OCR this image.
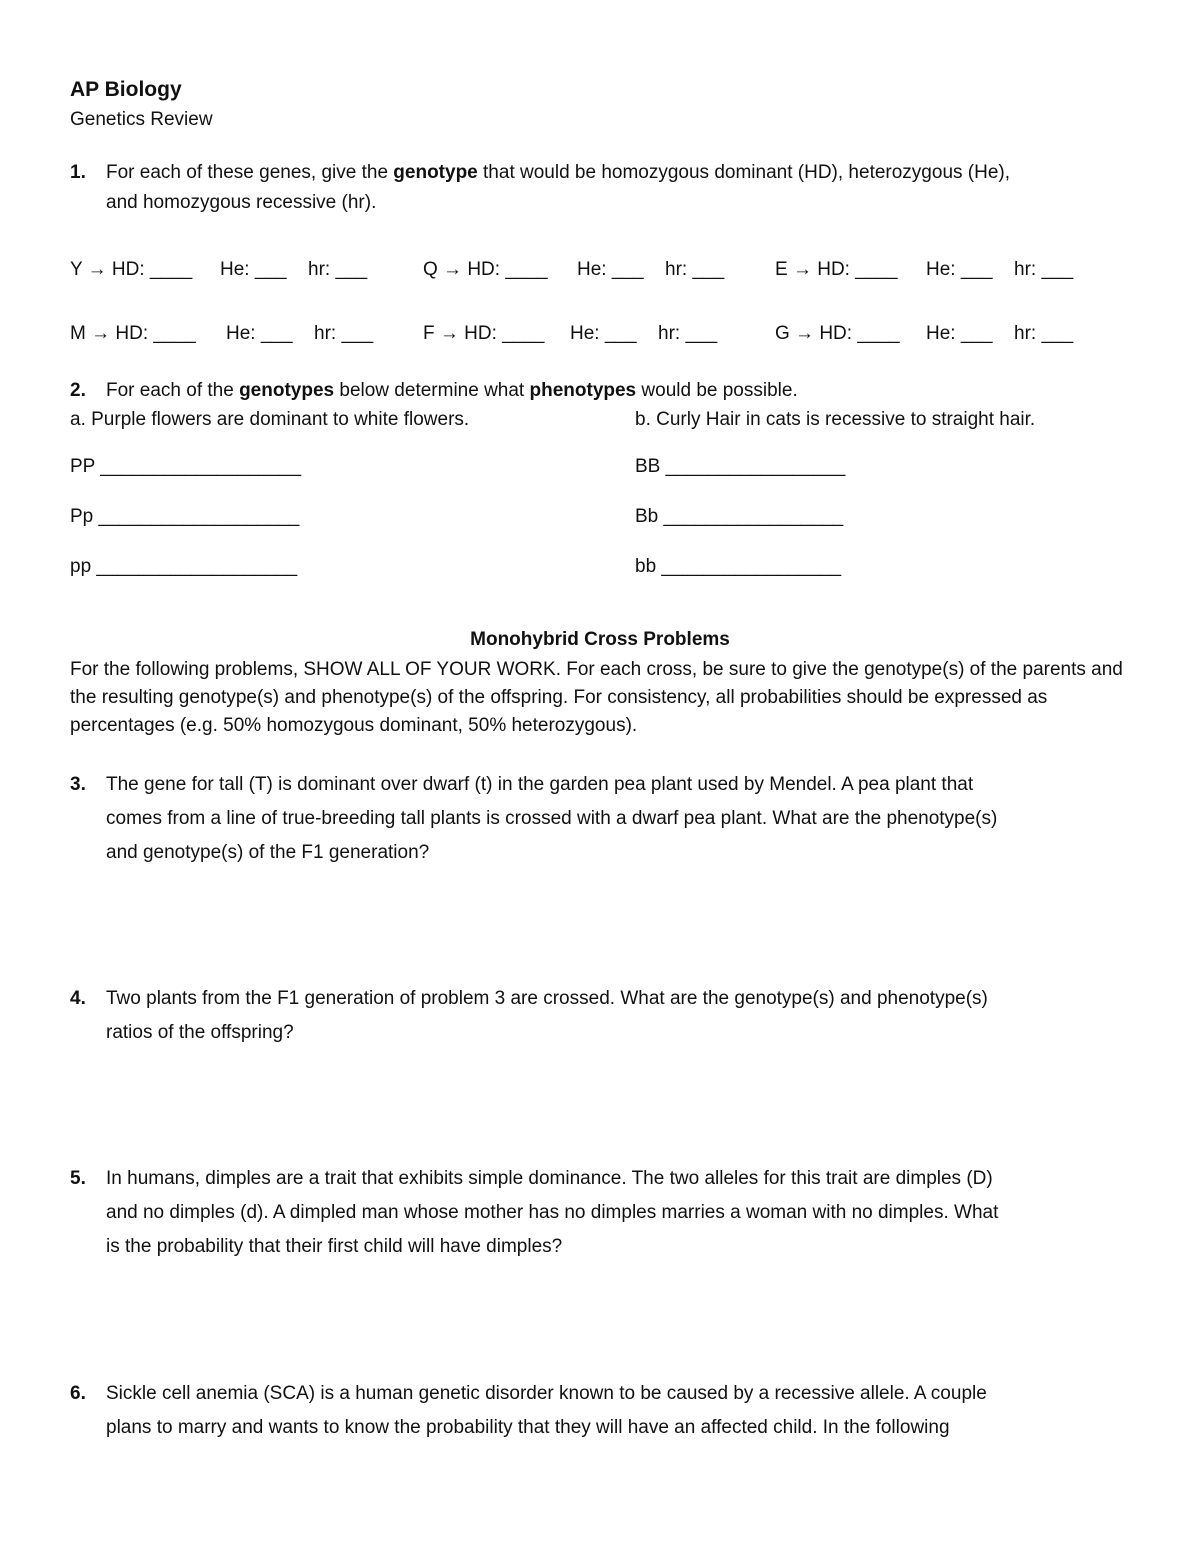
AP Biology
Genetics Review
1. For each of these genes, give the genotype that would be homozygous dominant (HD), heterozygous (He),
and homozygous recessive (hr).
Y → HD: ____ He: ___ hr: ___	Q → HD: ____ He: ___ hr: ___	E → HD: ____ He: ___ hr: ___
M → HD: ____ He: ___ hr: ___	F → HD: ____ He: ___ hr: ___	G → HD: ____ He: ___ hr: ___
2. For each of the genotypes below determine what phenotypes would be possible.
a. Purple flowers are dominant to white flowers.	b. Curly Hair in cats is recessive to straight hair.
PP ___________________
Pp ___________________
pp ___________________
BB _________________
Bb _________________
bb _________________
Monohybrid Cross Problems
For the following problems, SHOW ALL OF YOUR WORK. For each cross, be sure to give the genotype(s) of the parents and the resulting genotype(s) and phenotype(s) of the offspring. For consistency, all probabilities should be expressed as percentages (e.g. 50% homozygous dominant, 50% heterozygous).
3. The gene for tall (T) is dominant over dwarf (t) in the garden pea plant used by Mendel. A pea plant that
comes from a line of true-breeding tall plants is crossed with a dwarf pea plant. What are the phenotype(s)
and genotype(s) of the F1 generation?
4. Two plants from the F1 generation of problem 3 are crossed. What are the genotype(s) and phenotype(s)
ratios of the offspring?
5. In humans, dimples are a trait that exhibits simple dominance. The two alleles for this trait are dimples (D)
and no dimples (d). A dimpled man whose mother has no dimples marries a woman with no dimples. What
is the probability that their first child will have dimples?
6. Sickle cell anemia (SCA) is a human genetic disorder known to be caused by a recessive allele. A couple
plans to marry and wants to know the probability that they will have an affected child. In the following
